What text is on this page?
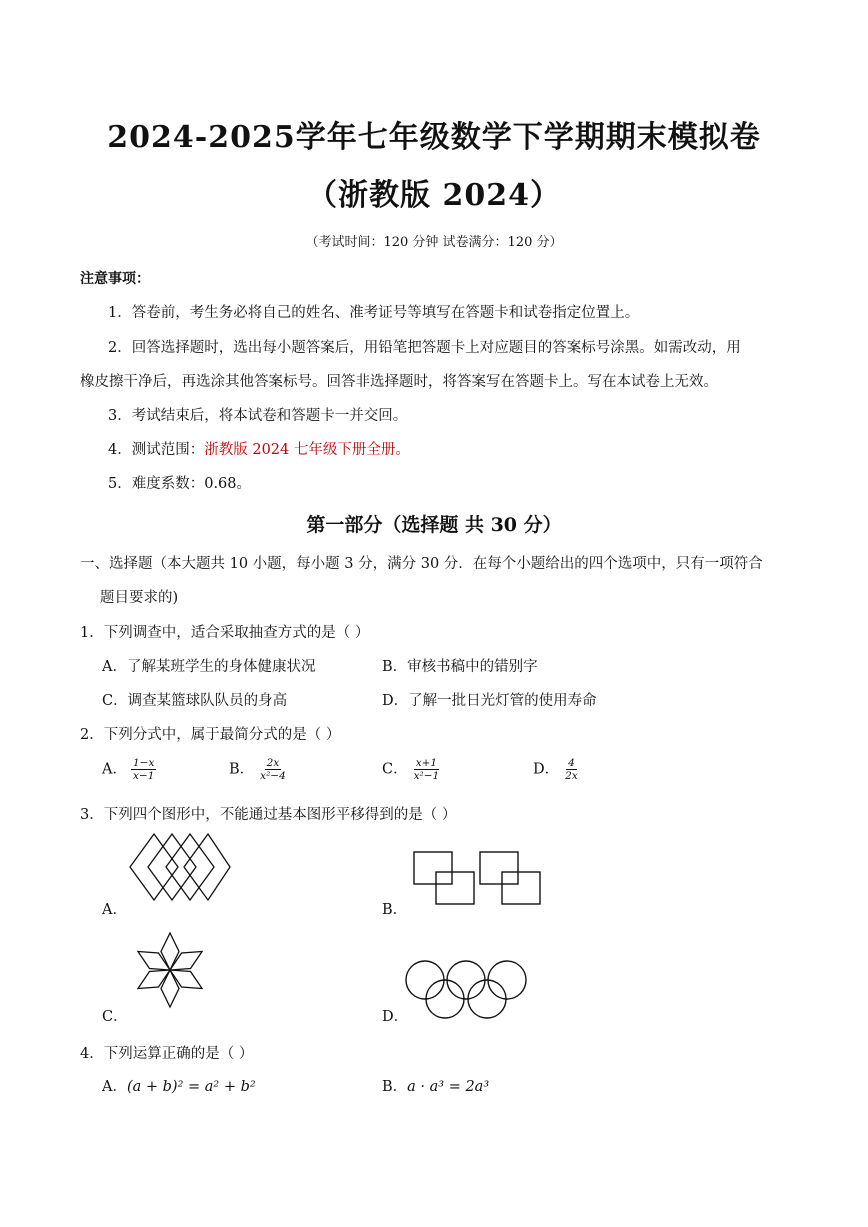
2024-2025学年七年级数学下学期期末模拟卷
（浙教版 2024）
（考试时间：120 分钟 试卷满分：120 分）
注意事项：
1．答卷前，考生务必将自己的姓名、准考证号等填写在答题卡和试卷指定位置上。
2．回答选择题时，选出每小题答案后，用铅笔把答题卡上对应题目的答案标号涂黑。如需改动，用
橡皮擦干净后，再选涂其他答案标号。回答非选择题时，将答案写在答题卡上。写在本试卷上无效。
3．考试结束后，将本试卷和答题卡一并交回。
4．测试范围：浙教版 2024 七年级下册全册。
5．难度系数：0.68。
第一部分（选择题 共 30 分）
一、选择题（本大题共 10 小题，每小题 3 分，满分 30 分．在每个小题给出的四个选项中，只有一项符合
题目要求的)
1．下列调查中，适合采取抽查方式的是（ ）
A．了解某班学生的身体健康状况	B．审核书稿中的错别字
C．调查某篮球队队员的身高	D．了解一批日光灯管的使用寿命
2．下列分式中，属于最简分式的是（ ）
A． $\frac{1-x}{x-1}$	B． $\frac{2x}{\text{x²−4}}$	C． $\frac{x+1}{\text{x²−1}}$	D． $\frac{4}{2x}$
3．下列四个图形中，不能通过基本图形平移得到的是（ ）
A．	B．
C．	D．
4．下列运算正确的是（ ）
A．(a + b)² = a² + b²	B．a · a³ = 2a³
